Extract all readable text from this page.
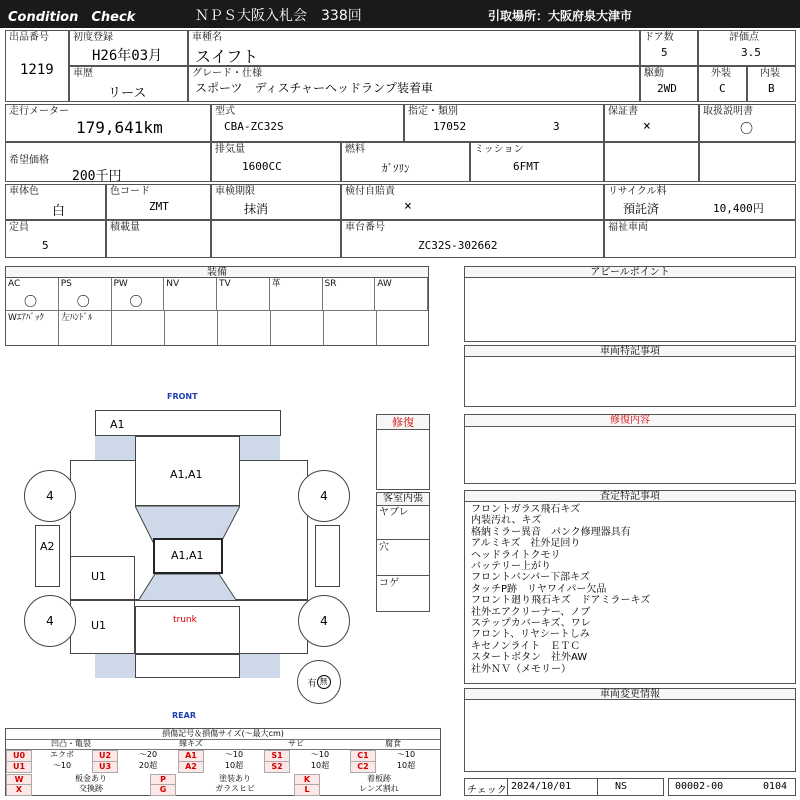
Condition　Check	ＮＰＳ大阪入札会　338回	引取場所：大阪府泉大津市
出品番号
1219
初度登録
H26年03月
車歴
リース
車種名
スイフト
グレード・仕様
スポーツ　ディスチャーヘッドランプ装着車
ドア数
5
駆動
2WD
評価点
3.5
外装
C
内装
B
走行メーター
179,641km
希望価格
200千円
型式
CBA-ZC32S
指定・類別
17052	3
排気量
1600CC
燃料
ｶﾞｿﾘﾝ
ミッション
6FMT
保証書
×
取扱説明書
〇
車体色
白
色コード
ZMT
定員
5
積載量
車検期限
抹消
検付自賠責
×
車台番号
ZC32S-302662
リサイクル料
預託済	10,400円
福祉車両
装備
AC
〇
PS
〇
PW
〇
NV	TV	革	SR	AW
Wｴｱﾊﾞｯｸ 左ﾊﾝﾄﾞﾙ
FRONT
REAR
A1
A1,A1
A1,A1
trunk
U1
U1
A2
4	4
4	4
有 無
修復
客室内張
ヤブレ
穴
コゲ
アピールポイント
車両特記事項
修復内容
査定特記事項
フロントガラス飛石キズ
内装汚れ、キズ
格納ミラー異音　パンク修理器具有
アルミキズ　社外足回り
ヘッドライトクモリ
バッテリー上がり
フロントバンパー下部キズ
タッチP跡　リヤワイパー欠品
フロント廻り飛石キズ　ドアミラーキズ
社外エアクリーナー、ノブ
ステップカバーキズ、ワレ
フロント、リヤシートしみ
キセノンライト　ＥＴＣ
スタートボタン　社外AW
社外ＮＶ（メモリー）
車両変更情報
損傷記号＆損傷サイズ(～最大cm)
凹凸・亀裂	線キズ	サビ	腐食
U0	エクボ	U2	～20	A1	～10	S1	～10	C1	～10
U1	～10	U3	20超	A2	10超	S2	10超	C2	10超
W	板金あり	P	塗装あり	K	着板跡
X	交換跡	G	ガラスヒビ	L	レンズ割れ	チェック 2024/10/01	NS	00002-00	0104
